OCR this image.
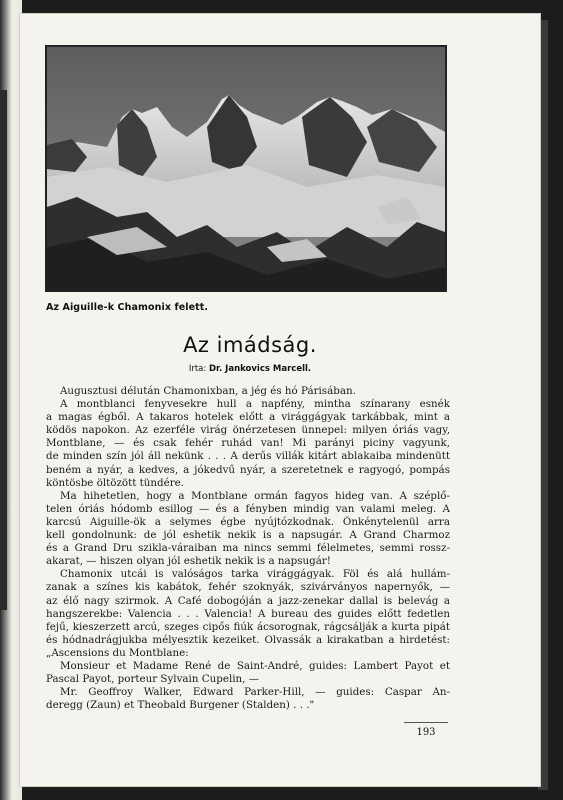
Az Aiguille-k Chamonix felett.
Az imádság.
Irta: Dr. Jankovics Marcell.
Augusztusi délután Chamonixban, a jég és hó Párisában.
A montblanci fenyvesekre hull a napfény, mintha színarany esnék
a magas égből. A takaros hotelek előtt a virággágyak tarkábbak, mint a
ködös napokon. Az ezerféle virág önérzetesen ünnepel: milyen óriás vagy,
Montblane, — és csak fehér ruhád van! Mi parányi piciny vagyunk,
de minden szín jól áll nekünk . . . A derűs villák kitárt ablakaiba mindenütt
beném a nyár, a kedves, a jókedvű nyár, a szeretetnek e ragyogó, pompás
köntösbe öltözött tündére.
Ma hihetetlen, hogy a Montblane ormán fagyos hideg van. A széplő-
telen óriás hódomb esillog — és a fényben mindig van valami meleg. A
karcsú Aiguille-ök a selymes égbe nyújtózkodnak. Önkénytelenül arra
kell gondolnunk: de jól eshetik nekik is a napsugár. A Grand Charmoz
és a Grand Dru szikla-váraiban ma nincs semmi félelmetes, semmi rossz-
akarat, — hiszen olyan jól eshetik nekik is a napsugár!
Chamonix utcái is valóságos tarka virággágyak. Föl és alá hullám-
zanak a színes kis kabátok, fehér szoknyák, szivárványos napernyők, —
az élő nagy szirmok. A Café dobogóján a jazz-zenekar dallal is belevág a
hangszerekbe: Valencia . . . Valencia! A bureau des guides előtt fedetlen
fejű, kieszerzett arcú, szeges cipős fiúk ácsorognak, rágcsálják a kurta pipát
és hódnadrágjukba mélyesztik kezeiket. Olvassák a kirakatban a hirdetést:
„Ascensions du Montblane:
Monsieur et Madame René de Saint-André, guides: Lambert Payot et
Pascal Payot, porteur Sylvain Cupelin, —
Mr. Geoffroy Walker, Edward Parker-Hill, — guides: Caspar An-
deregg (Zaun) et Theobald Burgener (Stalden) . . ."
193
